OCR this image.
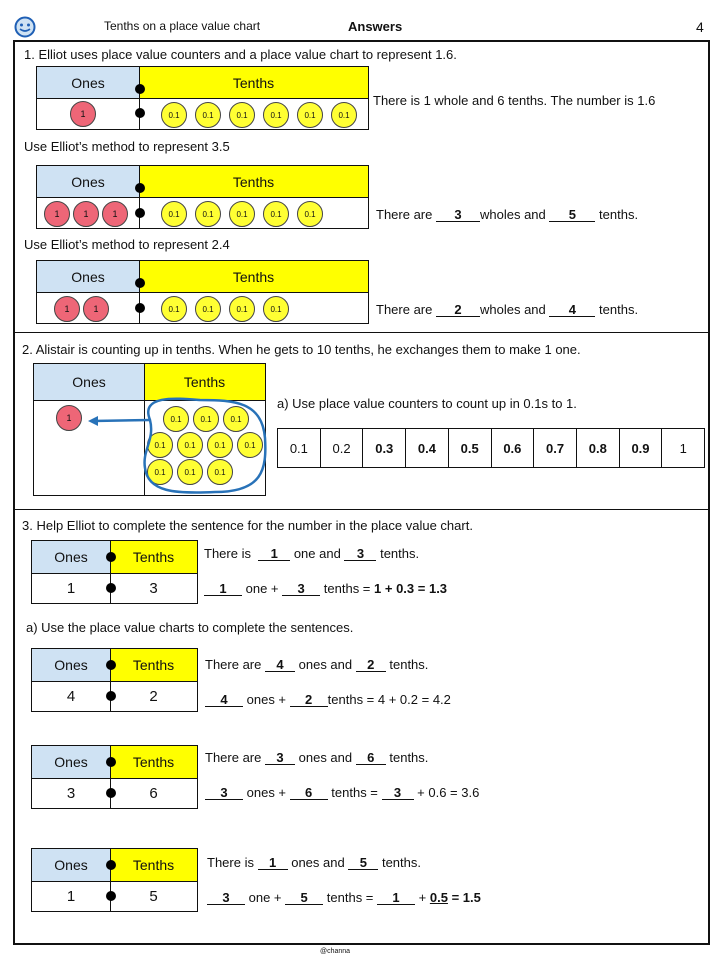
Tenths on a place value chart	Answers	4
1. Elliot uses place value counters and a place value chart to represent 1.6.
Ones	Tenths
1	0.1	0.1	0.1	0.1	0.1	0.1
There is 1 whole and 6 tenths. The number is 1.6
Use Elliot’s method to represent 3.5
Ones	Tenths
1	1	1	0.1	0.1	0.1	0.1	0.1	There are 3 wholes and 5 tenths.
Use Elliot’s method to represent 2.4
Ones	Tenths
1	1	0.1	0.1	0.1	0.1	There are 2 wholes and 4 tenths.
2. Alistair is counting up in tenths. When he gets to 10 tenths, he exchanges them to make 1 one.
Ones	Tenths
1	0.1	0.1	0.1
0.1	0.1	0.1	0.1
0.1	0.1	0.1
a) Use place value counters to count up in 0.1s to 1.
0.1	0.2	0.3	0.4	0.5	0.6	0.7	0.8	0.9	1
3. Help Elliot to complete the sentence for the number in the place value chart.
Ones	Tenths
1	3
There is 1 one and 3 tenths.
1 one + 3 tenths = 1 + 0.3 = 1.3
a) Use the place value charts to complete the sentences.
Ones	Tenths
4	2
There are 4 ones and 2 tenths.
4 ones + 2 tenths = 4 + 0.2 = 4.2
Ones	Tenths
3	6
There are 3 ones and 6 tenths.
3 ones + 6 tenths = 3 + 0.6 = 3.6
Ones	Tenths
1	5
There is 1 ones and 5 tenths.
3 one + 5 tenths = 1 + 0.5 = 1.5
@channa
